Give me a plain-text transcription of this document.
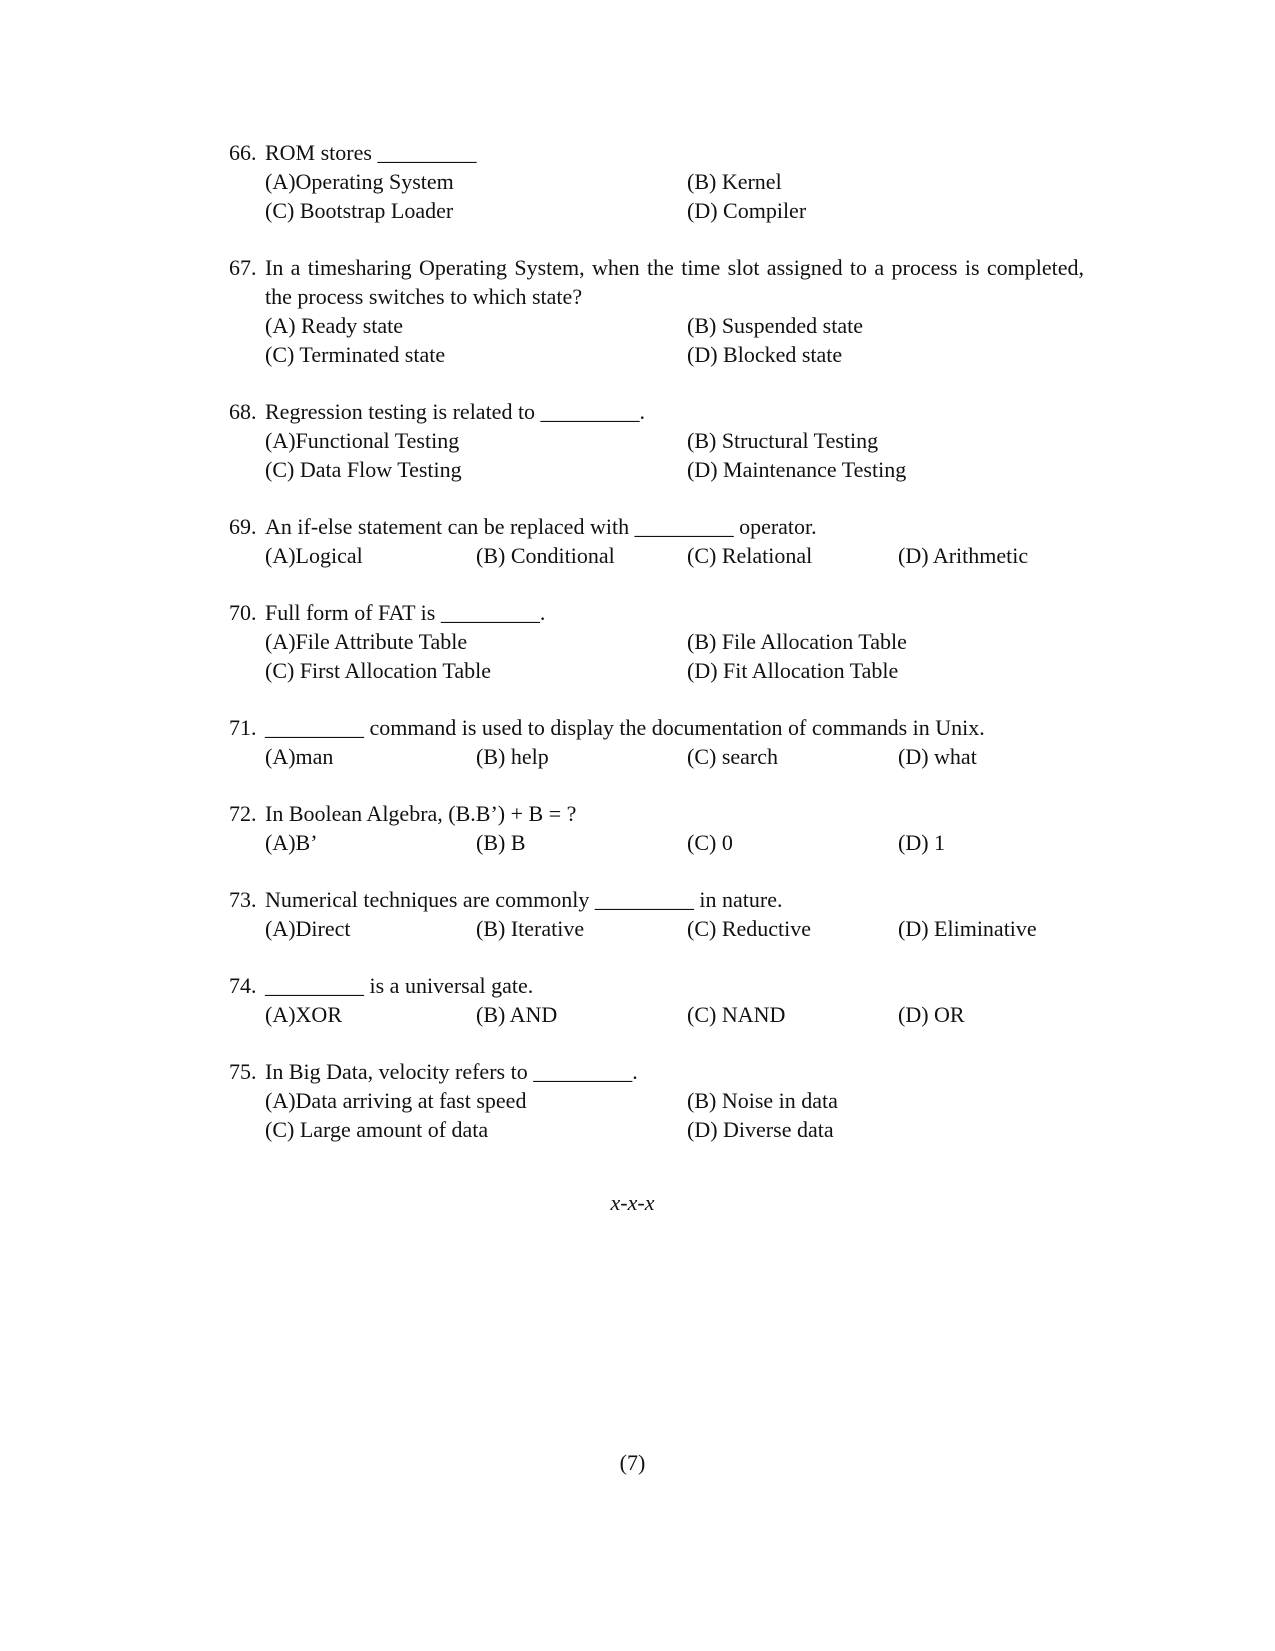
66. ROM stores _________
(A)Operating System	(B) Kernel
(C) Bootstrap Loader	(D) Compiler
67. In a timesharing Operating System, when the time slot assigned to a process is completed, the process switches to which state?
(A) Ready state	(B) Suspended state
(C) Terminated state	(D) Blocked state
68. Regression testing is related to _________.
(A)Functional Testing	(B) Structural Testing
(C) Data Flow Testing	(D) Maintenance Testing
69. An if-else statement can be replaced with _________ operator.
(A)Logical	(B) Conditional	(C) Relational	(D) Arithmetic
70. Full form of FAT is _________.
(A)File Attribute Table	(B) File Allocation Table
(C) First Allocation Table	(D) Fit Allocation Table
71. _________ command is used to display the documentation of commands in Unix.
(A)man	(B) help	(C) search	(D) what
72. In Boolean Algebra, (B.B’) + B = ?
(A)B’	(B) B	(C) 0	(D) 1
73. Numerical techniques are commonly _________ in nature.
(A)Direct	(B) Iterative	(C) Reductive	(D) Eliminative
74. _________ is a universal gate.
(A)XOR	(B) AND	(C) NAND	(D) OR
75. In Big Data, velocity refers to _________.
(A)Data arriving at fast speed	(B) Noise in data
(C) Large amount of data	(D) Diverse data
x-x-x
(7)
